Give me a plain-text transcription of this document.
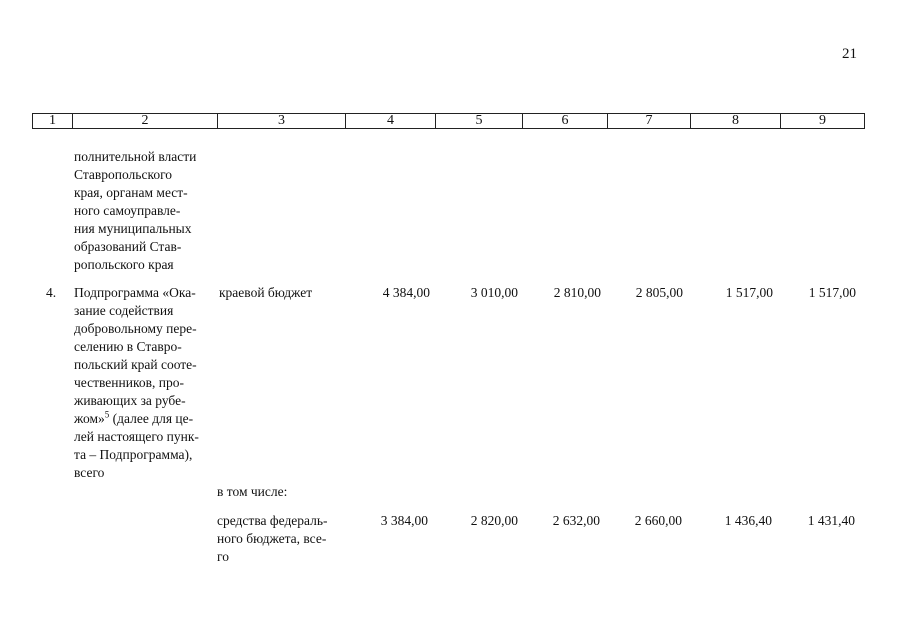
21
1	2	3	4	5	6	7	8	9
полнительной власти
Ставропольского
края, органам мест-
ного самоуправле-
ния муниципальных
образований Став-
ропольского края
4. Подпрограмма «Ока-
зание содействия
добровольному пере-
селению в Ставро-
польский край соотe-
чественников, про-
живающих за рубе-
жом»$^5$ (далее для це-
лей настоящего пунк-
та – Подпрограмма),
всего
краевой бюджет	4 384,00	3 010,00	2 810,00	2 805,00	1 517,00	1 517,00
в том числе:
средства федераль-
ного бюджета, все-
го
3 384,00	2 820,00	2 632,00	2 660,00	1 436,40	1 431,40
